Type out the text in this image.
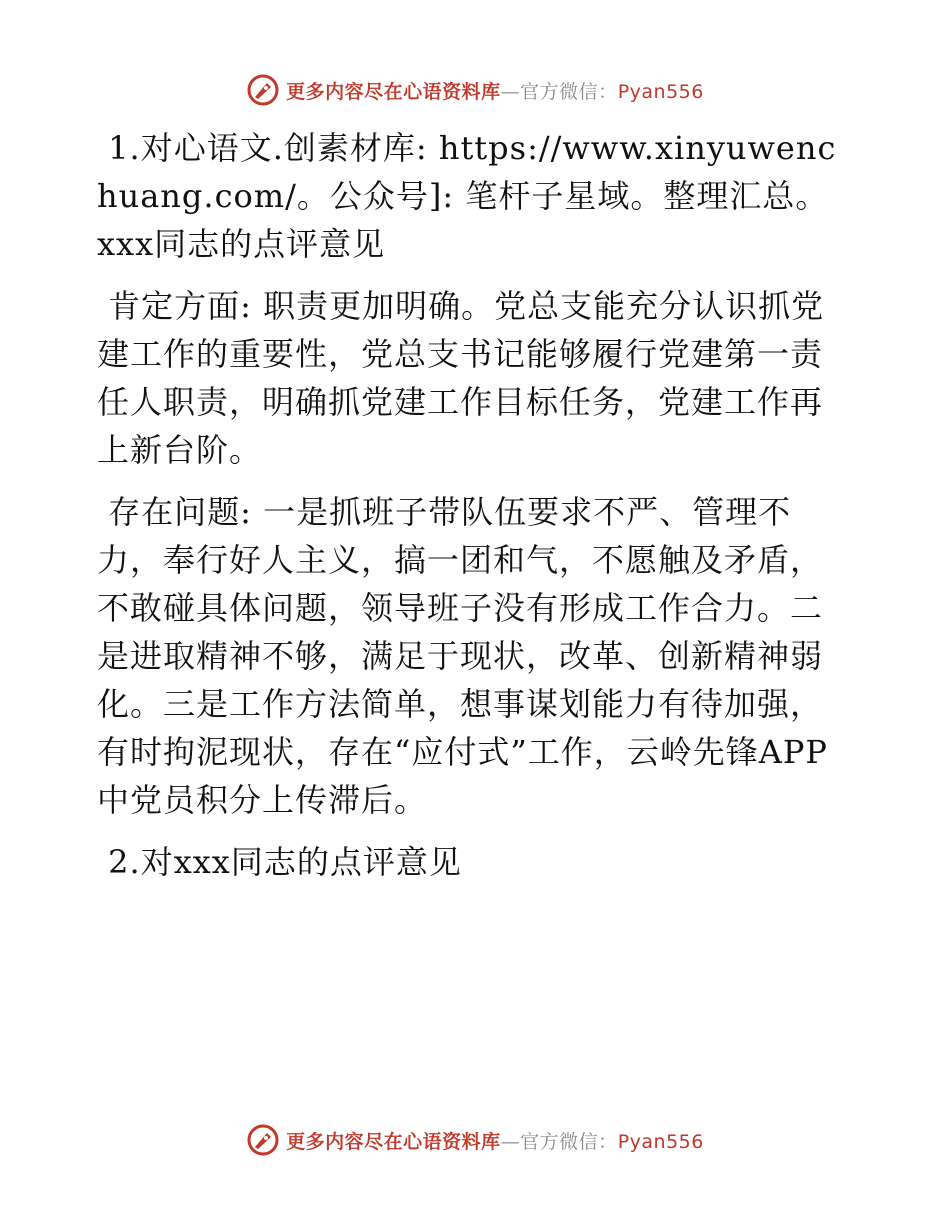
更多内容尽在心语资料库—官方微信：Pyan556

1.对心语文.创素材库: https://www.xinyuwenchuang.com/。公众号]: 笔杆子星域。整理汇总。xxx同志的点评意见

肯定方面: 职责更加明确。党总支能充分认识抓党建工作的重要性，党总支书记能够履行党建第一责任人职责，明确抓党建工作目标任务，党建工作再上新台阶。

存在问题: 一是抓班子带队伍要求不严、管理不力，奉行好人主义，搞一团和气，不愿触及矛盾，不敢碰具体问题，领导班子没有形成工作合力。二是进取精神不够，满足于现状，改革、创新精神弱化。三是工作方法简单，想事谋划能力有待加强，有时拘泥现状，存在“应付式”工作，云岭先锋APP中党员积分上传滞后。

2.对xxx同志的点评意见

更多内容尽在心语资料库—官方微信：Pyan556
